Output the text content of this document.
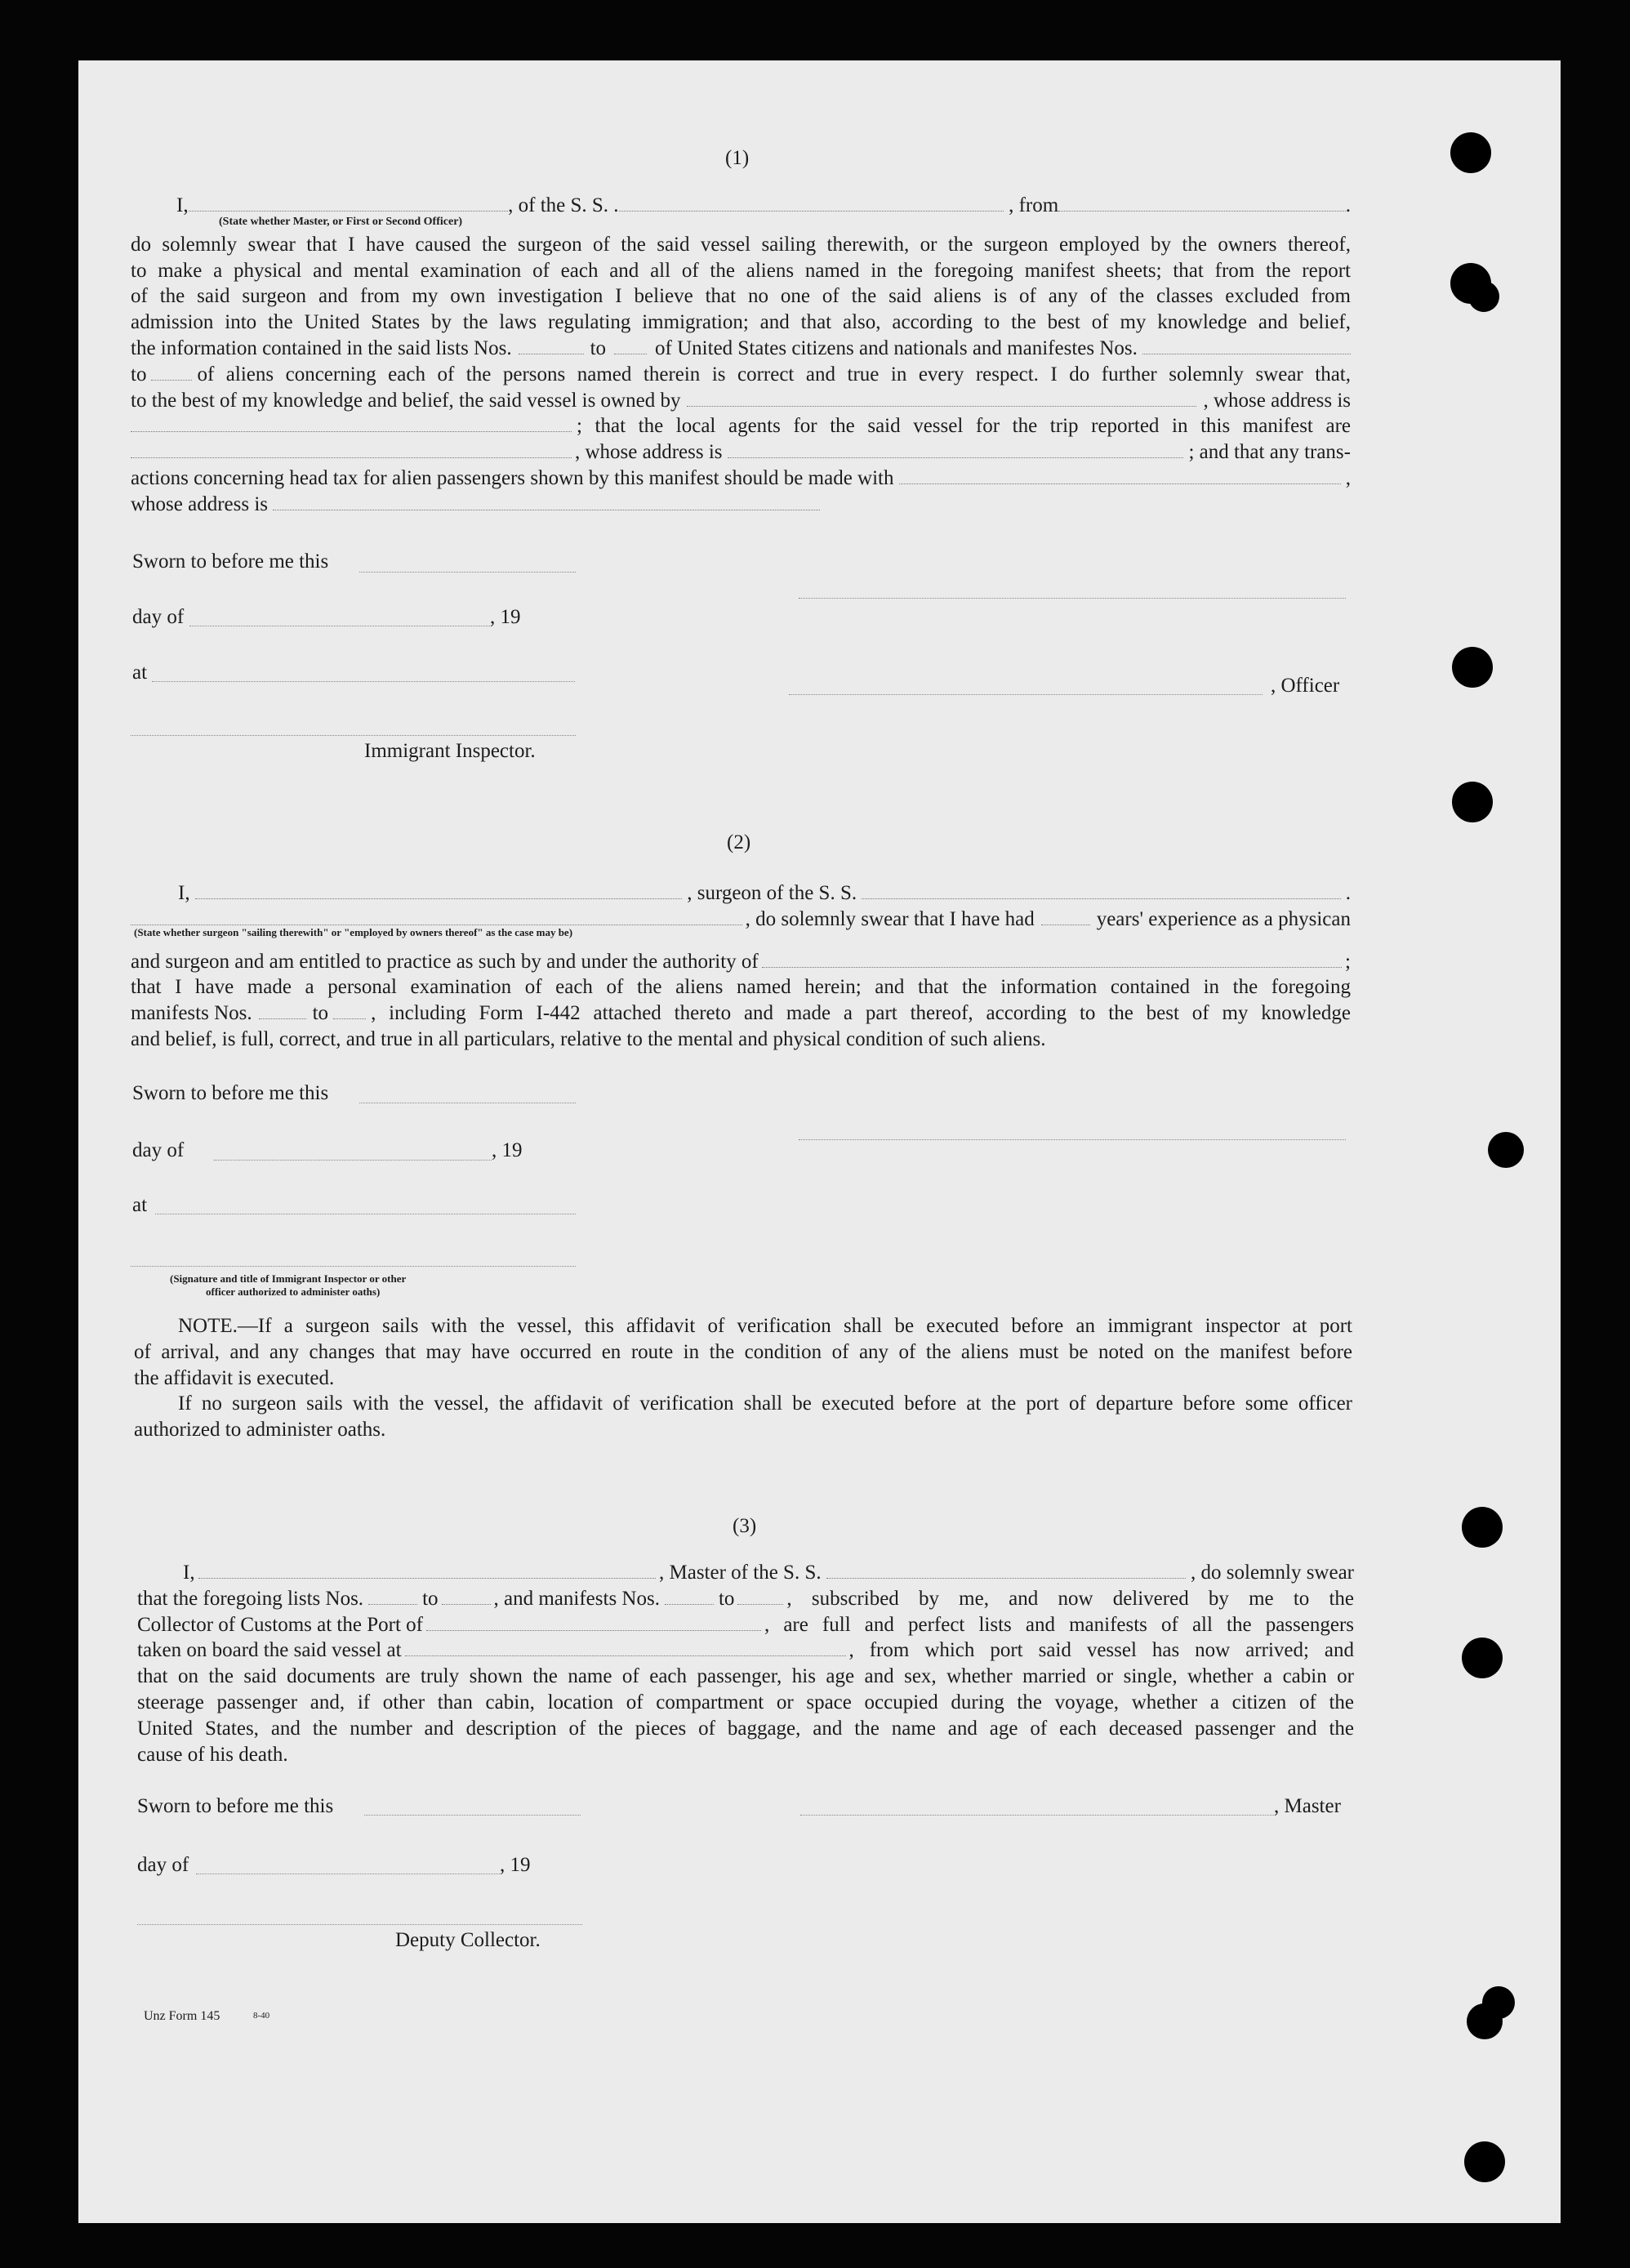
(1)
I,	, of the S. S. .	, from	.
(State whether Master, or First or Second Officer)
do solemnly swear that I have caused the surgeon of the said vessel sailing therewith, or the surgeon employed by the owners thereof,
to make a physical and mental examination of each and all of the aliens named in the foregoing manifest sheets; that from the report
of the said surgeon and from my own investigation I believe that no one of the said aliens is of any of the classes excluded from
admission into the United States by the laws regulating immigration; and that also, according to the best of my knowledge and belief,
the information contained in the said lists Nos.	to of United States citizens and nationals and manifestes Nos.
to of aliens concerning each of the persons named therein is correct and true in every respect. I do further solemnly swear that,
to the best of my knowledge and belief, the said vessel is owned by	, whose address is
; that the local agents for the said vessel for the trip reported in this manifest are
, whose address is	; and that any trans-
actions concerning head tax for alien passengers shown by this manifest should be made with	,
whose address is
Sworn to before me this
day of	, 19
at
, Officer
Immigrant Inspector.
(2)
I,	, surgeon of the S. S.	.
, do solemnly swear that I have had	years' experience as a physican
(State whether surgeon "sailing therewith" or "employed by owners thereof" as the case may be)
and surgeon and am entitled to practice as such by and under the authority of	;
that I have made a personal examination of each of the aliens named herein; and that the information contained in the foregoing
manifests Nos.	to , including Form I-442 attached thereto and made a part thereof, according to the best of my knowledge
and belief, is full, correct, and true in all particulars, relative to the mental and physical condition of such aliens.
Sworn to before me this
day of	, 19
at
(Signature and title of Immigrant Inspector or other
officer authorized to administer oaths)
NOTE.—If a surgeon sails with the vessel, this affidavit of verification shall be executed before an immigrant inspector at port
of arrival, and any changes that may have occurred en route in the condition of any of the aliens must be noted on the manifest before
the affidavit is executed.
If no surgeon sails with the vessel, the affidavit of verification shall be executed before at the port of departure before some officer
authorized to administer oaths.
(3)
I,	, Master of the S. S.	, do solemnly swear
that the foregoing lists Nos.	to	, and manifests Nos.	to	, subscribed by me, and now delivered by me to the
Collector of Customs at the Port of	, are full and perfect lists and manifests of all the passengers
taken on board the said vessel at	, from which port said vessel has now arrived; and
that on the said documents are truly shown the name of each passenger, his age and sex, whether married or single, whether a cabin or
steerage passenger and, if other than cabin, location of compartment or space occupied during the voyage, whether a citizen of the
United States, and the number and description of the pieces of baggage, and the name and age of each deceased passenger and the
cause of his death.
Sworn to before me this	, Master
day of	, 19
Deputy Collector.
Unz Form 145	8-40
